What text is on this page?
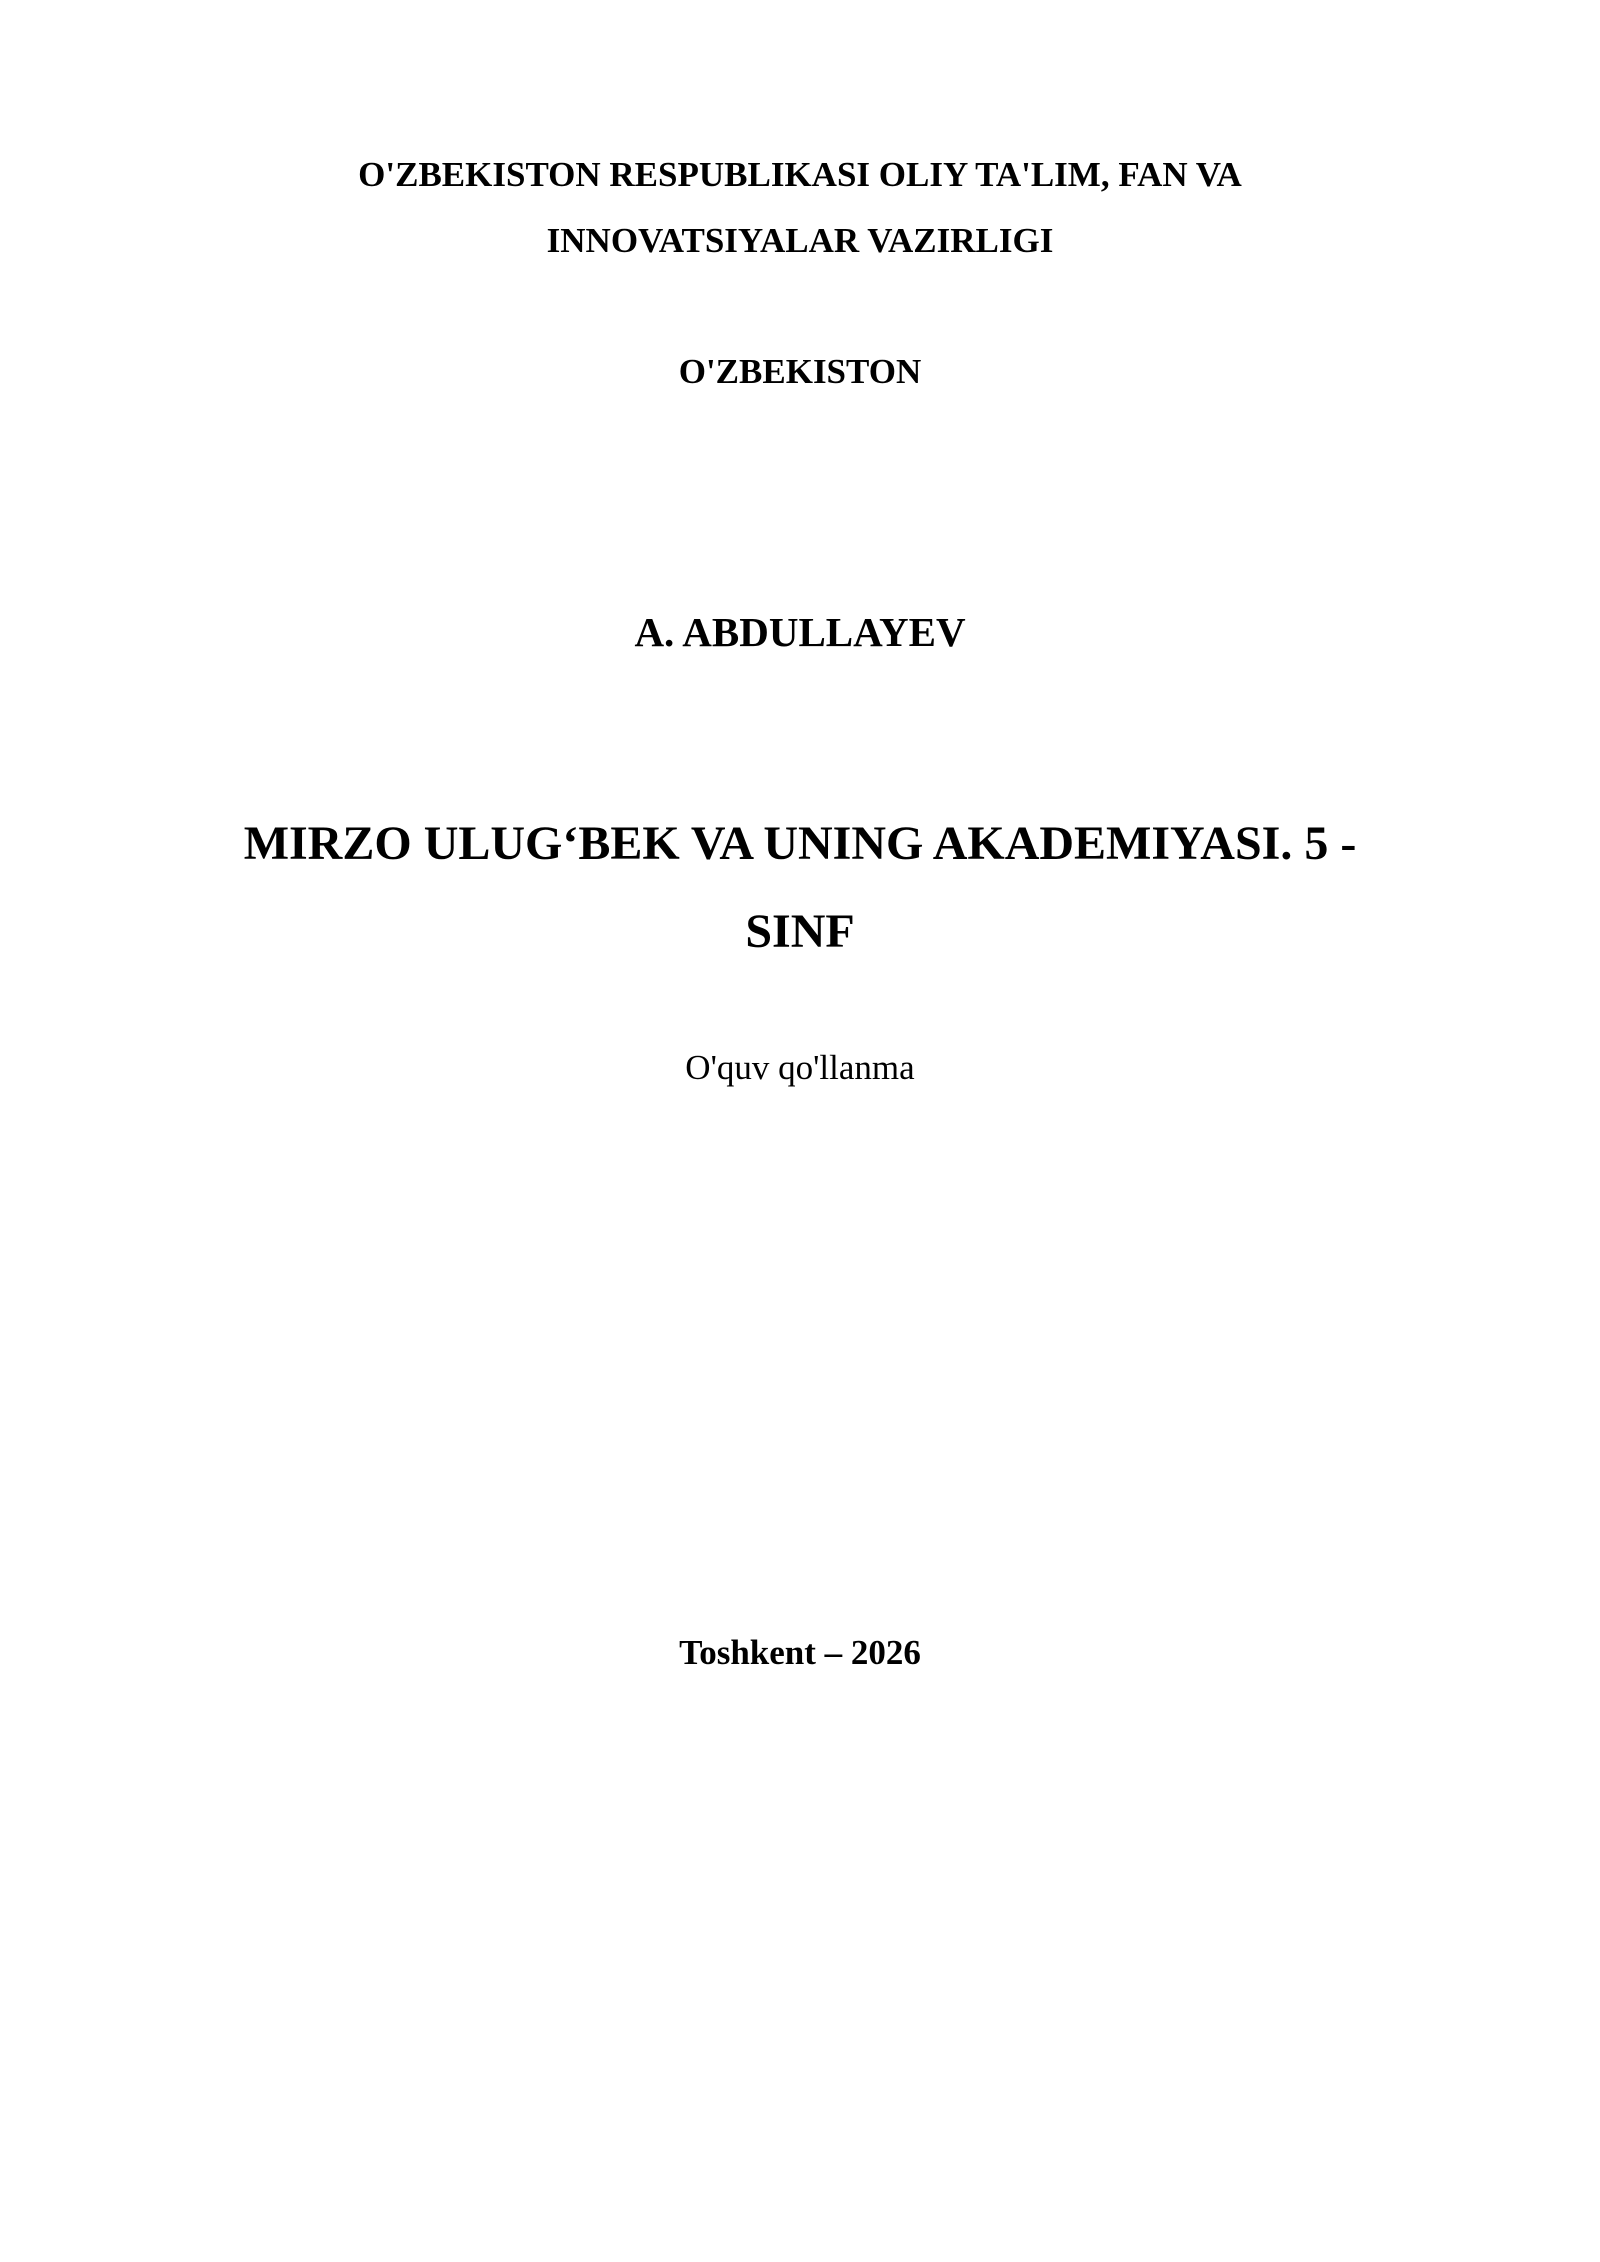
O'ZBEKISTON RESPUBLIKASI OLIY TA'LIM, FAN VA
INNOVATSIYALAR VAZIRLIGI
O'ZBEKISTON
A. ABDULLAYEV
MIRZO ULUG‘BEK VA UNING AKADEMIYASI. 5 -
SINF
O'quv qo'llanma
Toshkent – 2026
